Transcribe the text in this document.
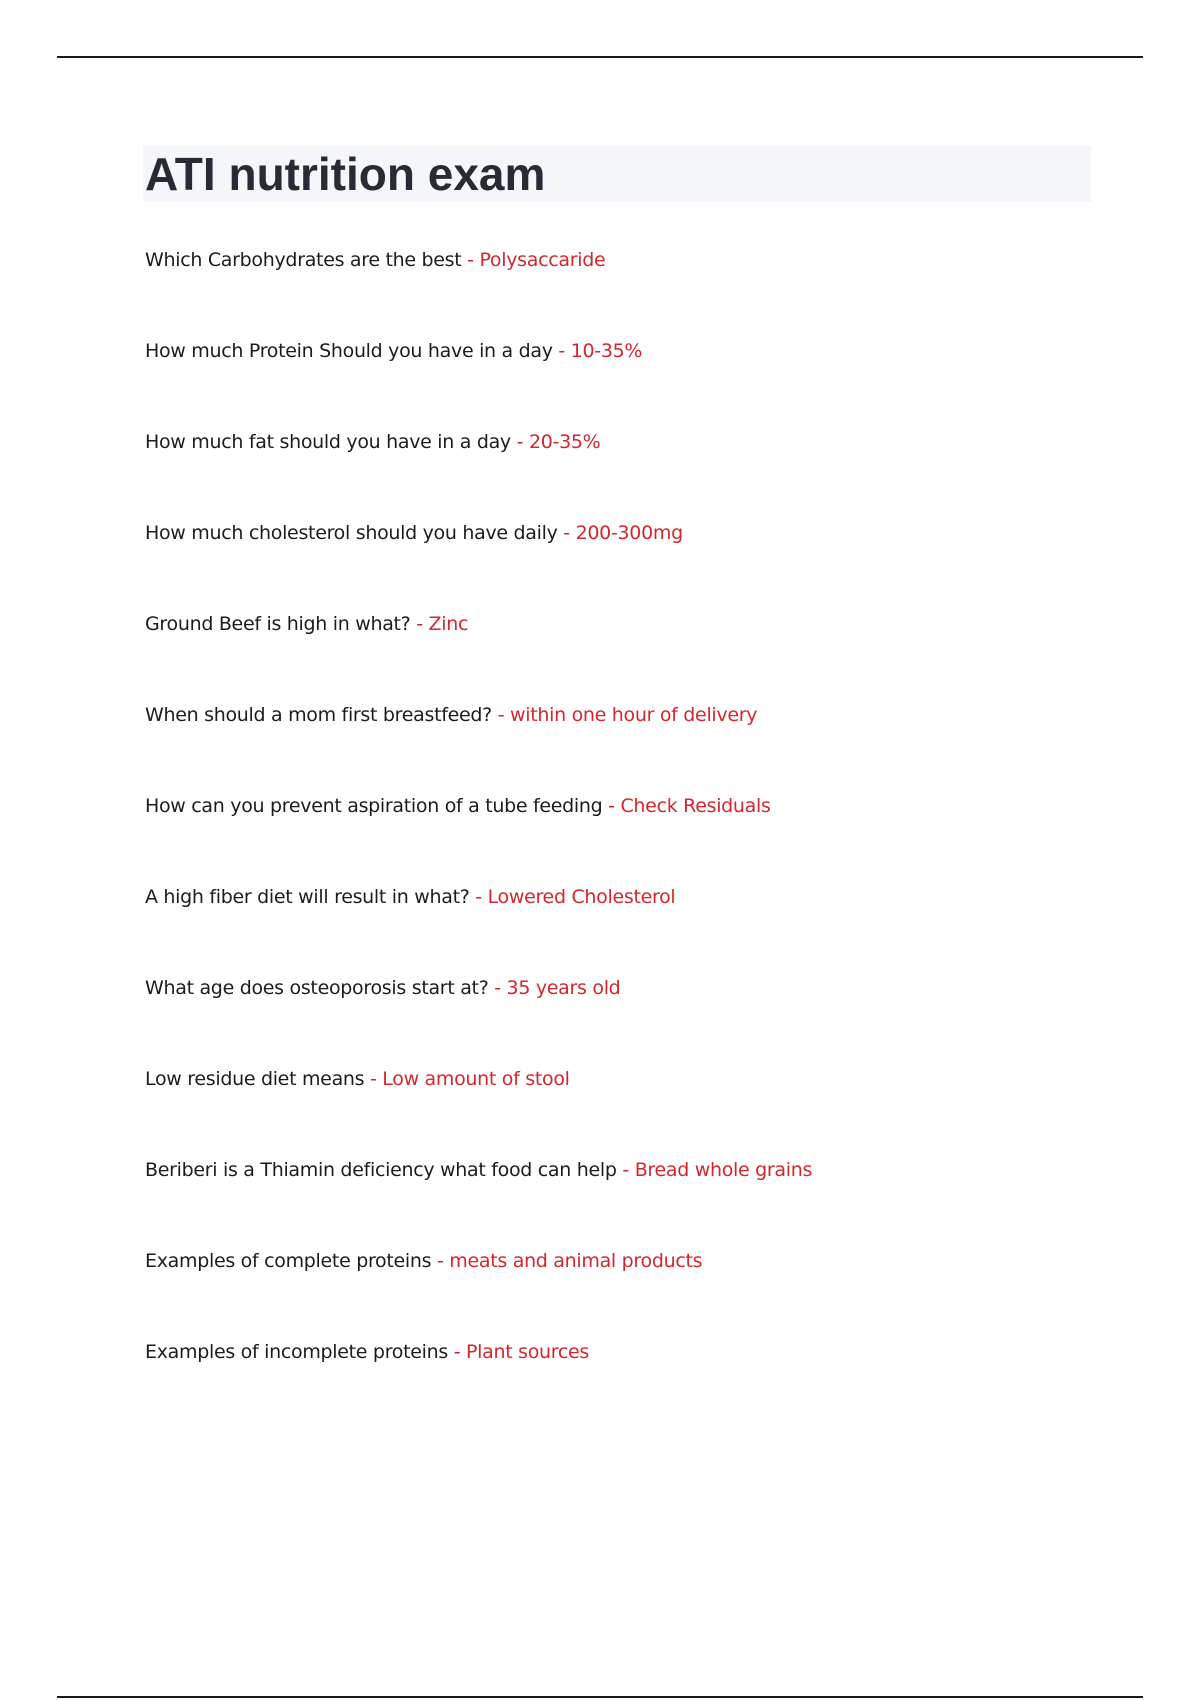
ATI nutrition exam
Which Carbohydrates are the best - Polysaccaride
How much Protein Should you have in a day - 10-35%
How much fat should you have in a day - 20-35%
How much cholesterol should you have daily - 200-300mg
Ground Beef is high in what? - Zinc
When should a mom first breastfeed? - within one hour of delivery
How can you prevent aspiration of a tube feeding - Check Residuals
A high fiber diet will result in what? - Lowered Cholesterol
What age does osteoporosis start at? - 35 years old
Low residue diet means - Low amount of stool
Beriberi is a Thiamin deficiency what food can help - Bread whole grains
Examples of complete proteins - meats and animal products
Examples of incomplete proteins - Plant sources
